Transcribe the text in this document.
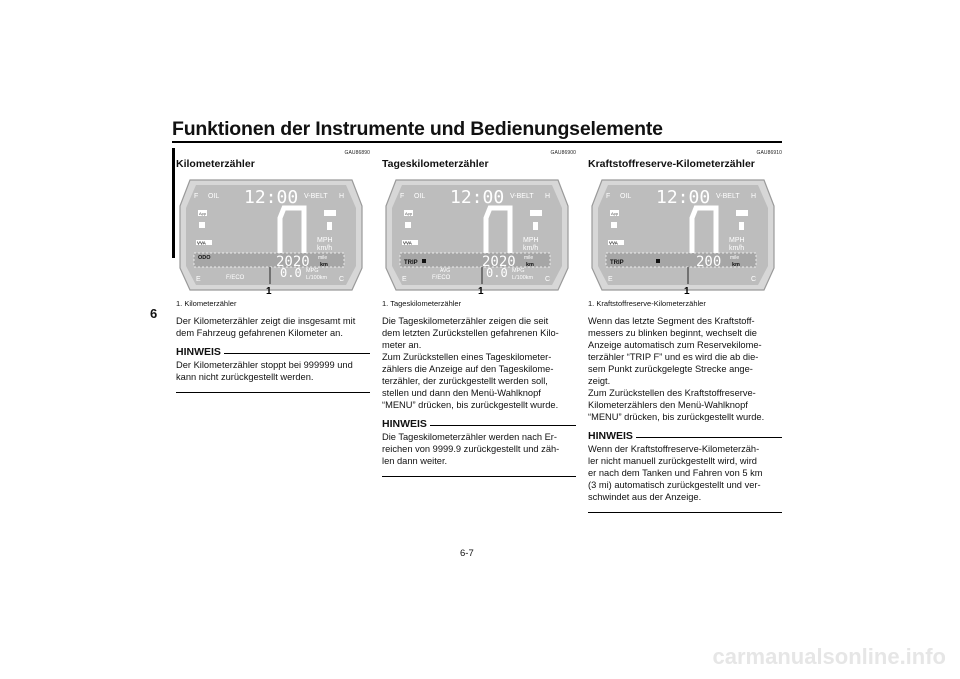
Funktionen der Instrumente und Bedienungselemente
6
GAU86890
Kilometerzähler
F OIL 12:00 V-BELT H
App
MPH
km/h
VVA
ODO	2020 mile
km
0.0 MPG
L/100km
F/ECO
E	C
1
1. Kilometerzähler
Der Kilometerzähler zeigt die insgesamt mit
dem Fahrzeug gefahrenen Kilometer an.
HINWEIS
Der Kilometerzähler stoppt bei 999999 und
kann nicht zurückgestellt werden.
GAU86900
Tageskilometerzähler
F OIL 12:00 V-BELT H
App
MPH
km/h
VVA
TRIP	2020 mile
km
0.0 MPG
L/100km
AVG
F/ECO
E	C
1
1. Tageskilometerzähler
Die Tageskilometerzähler zeigen die seit
dem letzten Zurückstellen gefahrenen Kilo-
meter an.
Zum Zurückstellen eines Tageskilometer-
zählers die Anzeige auf den Tageskilome-
terzähler, der zurückgestellt werden soll,
stellen und dann den Menü-Wahlknopf
“MENU” drücken, bis zurückgestellt wurde.
HINWEIS
Die Tageskilometerzähler werden nach Er-
reichen von 9999.9 zurückgestellt und zäh-
len dann weiter.
GAU86910
Kraftstoffreserve-Kilometerzähler
F OIL 12:00 V-BELT H
App
MPH
km/h
VVA
TRIP	200 mile
km
E	C
1
1. Kraftstoffreserve-Kilometerzähler
Wenn das letzte Segment des Kraftstoff-
messers zu blinken beginnt, wechselt die
Anzeige automatisch zum Reservekilome-
terzähler “TRIP F” und es wird die ab die-
sem Punkt zurückgelegte Strecke ange-
zeigt.
Zum Zurückstellen des Kraftstoffreserve-
Kilometerzählers den Menü-Wahlknopf
“MENU” drücken, bis zurückgestellt wurde.
HINWEIS
Wenn der Kraftstoffreserve-Kilometerzäh-
ler nicht manuell zurückgestellt wird, wird
er nach dem Tanken und Fahren von 5 km
(3 mi) automatisch zurückgestellt und ver-
schwindet aus der Anzeige.
6-7
carmanualsonline.info
